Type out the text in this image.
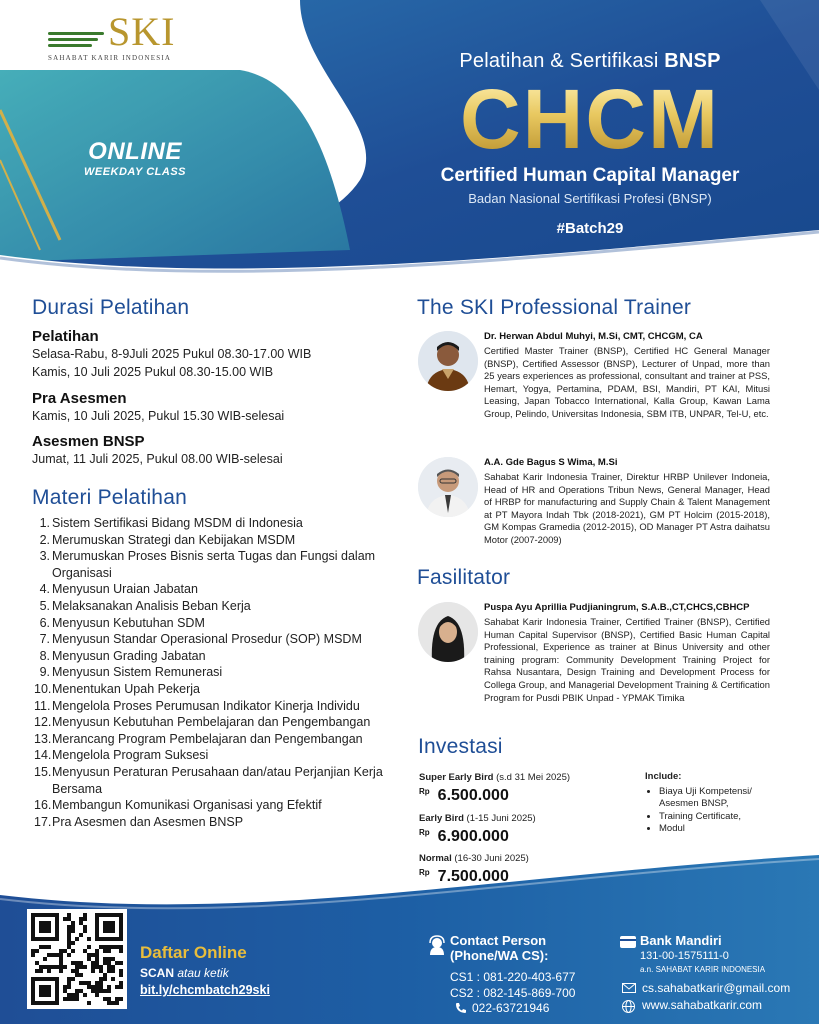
SKI
SAHABAT KARIR INDONESIA
ONLINE
WEEKDAY CLASS
Pelatihan & Sertifikasi BNSP
CHCM
Certified Human Capital Manager
Badan Nasional Sertifikasi Profesi (BNSP)
#Batch29
Durasi Pelatihan
Pelatihan
Selasa-Rabu, 8-9Juli 2025 Pukul 08.30-17.00 WIB
Kamis, 10 Juli 2025 Pukul 08.30-15.00 WIB
Pra Asesmen
Kamis, 10 Juli 2025, Pukul 15.30 WIB-selesai
Asesmen BNSP
Jumat, 11 Juli 2025, Pukul 08.00 WIB-selesai
Materi Pelatihan
1. Sistem Sertifikasi Bidang MSDM di Indonesia
2. Merumuskan Strategi dan Kebijakan MSDM
3. Merumuskan Proses Bisnis serta Tugas dan Fungsi dalam Organisasi
4. Menyusun Uraian Jabatan
5. Melaksanakan Analisis Beban Kerja
6. Menyusun Kebutuhan SDM
7. Menyusun Standar Operasional Prosedur (SOP) MSDM
8. Menyusun Grading Jabatan
9. Menyusun Sistem Remunerasi
10. Menentukan Upah Pekerja
11. Mengelola Proses Perumusan Indikator Kinerja Individu
12. Menyusun Kebutuhan Pembelajaran dan Pengembangan
13. Merancang Program Pembelajaran dan Pengembangan
14. Mengelola Program Suksesi
15. Menyusun Peraturan Perusahaan dan/atau Perjanjian Kerja Bersama
16. Membangun Komunikasi Organisasi yang Efektif
17. Pra Asesmen dan Asesmen BNSP
The SKI Professional Trainer
Dr. Herwan Abdul Muhyi, M.Si, CMT, CHCGM, CA
Certified Master Trainer (BNSP), Certified HC General Manager (BNSP), Certified Assessor (BNSP), Lecturer of Unpad, more than 25 years experiences as professional, consultant and trainer at PSS, Hemart, Yogya, Pertamina, PDAM, BSI, Mandiri, PT KAI, Mitusi Leasing, Japan Tobacco International, Kalla Group, Kawan Lama Group, Pelindo, Universitas Indonesia, SBM ITB, UNPAR, Tel-U, etc.
A.A. Gde Bagus S Wima, M.Si
Sahabat Karir Indonesia Trainer, Direktur HRBP Unilever Indoneia, Head of HR and Operations Tribun News, General Manager, Head of HRBP for manufacturing and Supply Chain & Talent Management at PT Mayora Indah Tbk (2018-2021), GM PT Holcim (2015-2018), GM Kompas Gramedia (2012-2015), OD Manager PT Astra daihatsu Motor (2007-2009)
Fasilitator
Puspa Ayu Aprillia Pudjianingrum, S.A.B.,CT,CHCS,CBHCP
Sahabat Karir Indonesia Trainer, Certified Trainer (BNSP), Certified Human Capital Supervisor (BNSP), Certified Basic Human Capital Professional, Experience as trainer at Binus University and other training program: Community Development Training Project for Rahsa Nusantara, Design Training and Development Process for Collega Group, and Managerial Development Training & Certification Program for Pusdi PBIK Unpad - YPMAK Timika
Investasi
Super Early Bird (s.d 31 Mei 2025)
$^{Rp}$ 6.500.000
Early Bird (1-15 Juni 2025)
$^{Rp}$ 6.900.000
Normal (16-30 Juni 2025)
$^{Rp}$ 7.500.000
Include:
• Biaya Uji Kompetensi/ Asesmen BNSP,
• Training Certificate,
• Modul
Daftar Online
SCAN atau ketik
bit.ly/chcmbatch29ski
Contact Person
(Phone/WA CS):
CS1 : 081-220-403-677
CS2 : 082-145-869-700
022-63721946
Bank Mandiri
131-00-1575111-0
a.n. SAHABAT KARIR INDONESIA
cs.sahabatkarir@gmail.com
www.sahabatkarir.com
